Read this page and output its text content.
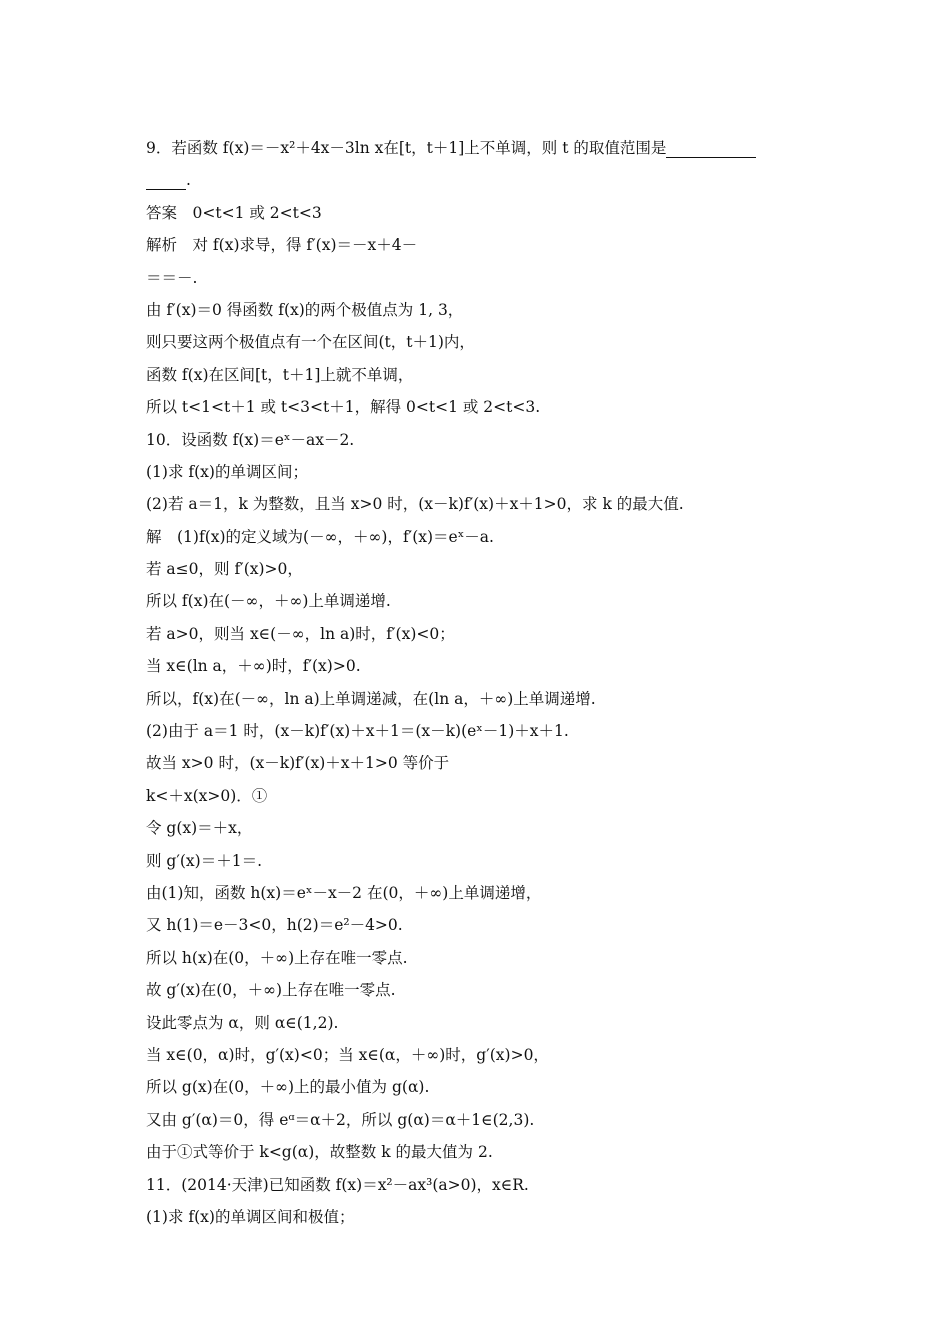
9．若函数 f(x)＝－x²＋4x－3ln x在[t，t＋1]上不单调，则 t 的取值范围是
.
答案　0<t<1 或 2<t<3
解析　对 f(x)求导，得 f′(x)＝－x＋4－
＝＝－.
由 f′(x)＝0 得函数 f(x)的两个极值点为 1, 3，
则只要这两个极值点有一个在区间(t，t＋1)内，
函数 f(x)在区间[t，t＋1]上就不单调，
所以 t<1<t＋1 或 t<3<t＋1，解得 0<t<1 或 2<t<3.
10．设函数 f(x)＝eˣ－ax－2.
(1)求 f(x)的单调区间；
(2)若 a＝1，k 为整数，且当 x>0 时，(x－k)f′(x)＋x＋1>0，求 k 的最大值.
解　(1)f(x)的定义域为(－∞，＋∞)，f′(x)＝eˣ－a.
若 a≤0，则 f′(x)>0，
所以 f(x)在(－∞，＋∞)上单调递增.
若 a>0，则当 x∈(－∞，ln a)时，f′(x)<0；
当 x∈(ln a，＋∞)时，f′(x)>0.
所以，f(x)在(－∞，ln a)上单调递减，在(ln a，＋∞)上单调递增.
(2)由于 a＝1 时，(x－k)f′(x)＋x＋1＝(x－k)(eˣ－1)＋x＋1.
故当 x>0 时，(x－k)f′(x)＋x＋1>0 等价于
k<＋x(x>0)．①
令 g(x)＝＋x，
则 g′(x)＝＋1＝.
由(1)知，函数 h(x)＝eˣ－x－2 在(0，＋∞)上单调递增，
又 h(1)＝e－3<0，h(2)＝e²－4>0.
所以 h(x)在(0，＋∞)上存在唯一零点.
故 g′(x)在(0，＋∞)上存在唯一零点.
设此零点为 α，则 α∈(1,2).
当 x∈(0，α)时，g′(x)<0；当 x∈(α，＋∞)时，g′(x)>0，
所以 g(x)在(0，＋∞)上的最小值为 g(α).
又由 g′(α)＝0，得 eᵅ＝α＋2，所以 g(α)＝α＋1∈(2,3).
由于①式等价于 k<g(α)，故整数 k 的最大值为 2.
11．(2014·天津)已知函数 f(x)＝x²－ax³(a>0)，x∈R.
(1)求 f(x)的单调区间和极值；
